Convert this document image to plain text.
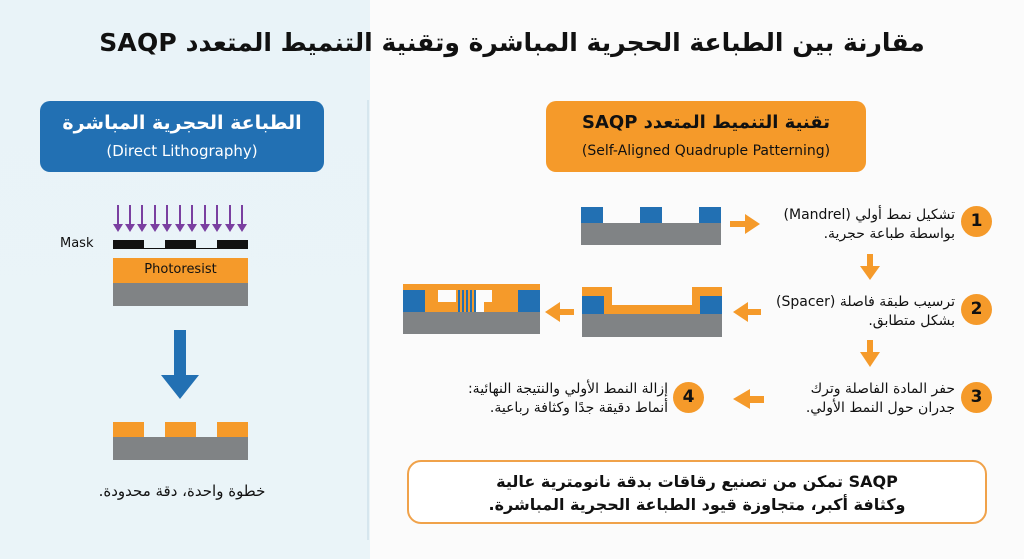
مقارنة بين الطباعة الحجرية المباشرة وتقنية التنميط المتعدد SAQP
الطباعة الحجرية المباشرة
(Direct Lithography)
Mask
Photoresist
خطوة واحدة، دقة محدودة.
تقنية التنميط المتعدد SAQP
(Self-Aligned Quadruple Patterning)
1
تشكيل نمط أولي (Mandrel)
بواسطة طباعة حجرية.
2
ترسيب طبقة فاصلة (Spacer)
بشكل متطابق.
3
حفر المادة الفاصلة وترك
جدران حول النمط الأولي.
4
إزالة النمط الأولي والنتيجة النهائية:
أنماط دقيقة جدًا وكثافة رباعية.
SAQP تمكن من تصنيع رقاقات بدقة نانومترية عالية
وكثافة أكبر، متجاوزة قيود الطباعة الحجرية المباشرة.
